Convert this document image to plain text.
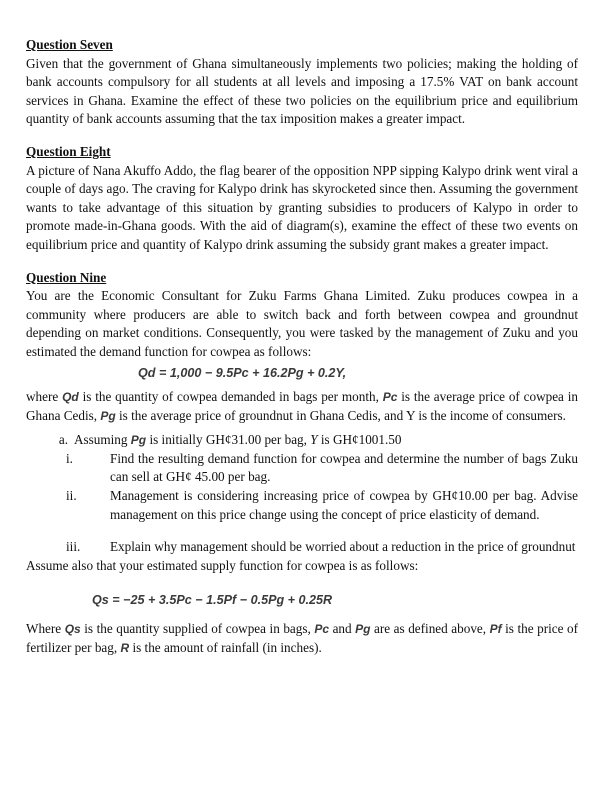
Question Seven

Given that the government of Ghana simultaneously implements two policies; making the holding of bank accounts compulsory for all students at all levels and imposing a 17.5% VAT on bank account services in Ghana. Examine the effect of these two policies on the equilibrium price and equilibrium quantity of bank accounts assuming that the tax imposition makes a greater impact.

Question Eight

A picture of Nana Akuffo Addo, the flag bearer of the opposition NPP sipping Kalypo drink went viral a couple of days ago. The craving for Kalypo drink has skyrocketed since then. Assuming the government wants to take advantage of this situation by granting subsidies to producers of Kalypo in order to promote made-in-Ghana goods. With the aid of diagram(s), examine the effect of these two events on equilibrium price and quantity of Kalypo drink assuming the subsidy grant makes a greater impact.

Question Nine

You are the Economic Consultant for Zuku Farms Ghana Limited. Zuku produces cowpea in a community where producers are able to switch back and forth between cowpea and groundnut depending on market conditions. Consequently, you were tasked by the management of Zuku and you estimated the demand function for cowpea as follows:

Qd = 1,000 − 9.5Pc + 16.2Pg + 0.2Y,

where Qd is the quantity of cowpea demanded in bags per month, Pc is the average price of cowpea in Ghana Cedis, Pg is the average price of groundnut in Ghana Cedis, and Y is the income of consumers.

a. Assuming Pg is initially GH¢31.00 per bag, Y is GH¢1001.50
i.	Find the resulting demand function for cowpea and determine the number of bags Zuku can sell at GH¢ 45.00 per bag.
ii.	Management is considering increasing price of cowpea by GH¢10.00 per bag. Advise management on this price change using the concept of price elasticity of demand.
iii.	Explain why management should be worried about a reduction in the price of groundnut

Assume also that your estimated supply function for cowpea is as follows:

Qs = −25 + 3.5Pc − 1.5Pf − 0.5Pg + 0.25R

Where Qs is the quantity supplied of cowpea in bags, Pc and Pg are as defined above, Pf is the price of fertilizer per bag, R is the amount of rainfall (in inches).
